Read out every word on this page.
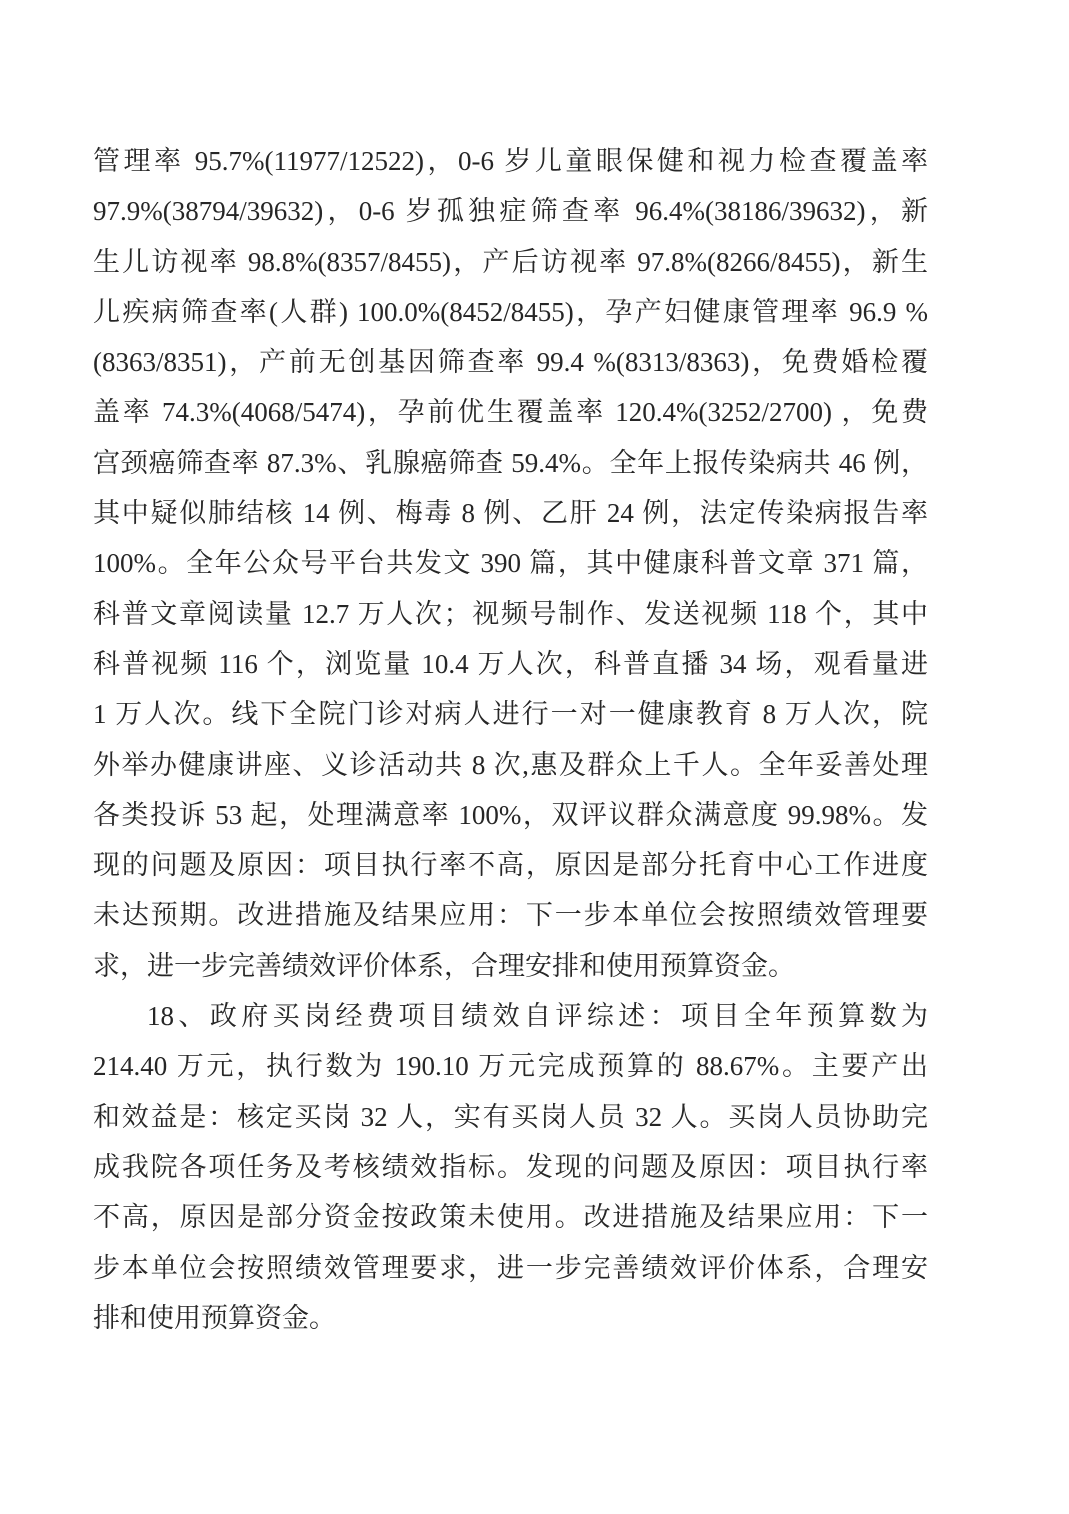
管理率 95.7%(11977/12522)，0-6 岁儿童眼保健和视力检查覆盖率
97.9%(38794/39632)，0-6 岁孤独症筛查率 96.4%(38186/39632)，新
生儿访视率 98.8%(8357/8455)，产后访视率 97.8%(8266/8455)，新生
儿疾病筛查率(人群) 100.0%(8452/8455)，孕产妇健康管理率 96.9 %
(8363/8351)，产前无创基因筛查率 99.4 %(8313/8363)，免费婚检覆
盖率 74.3%(4068/5474)，孕前优生覆盖率 120.4%(3252/2700) ，免费
宫颈癌筛查率 87.3%、乳腺癌筛查 59.4%。全年上报传染病共 46 例，
其中疑似肺结核 14 例、梅毒 8 例、乙肝 24 例，法定传染病报告率
100%。全年公众号平台共发文 390 篇，其中健康科普文章 371 篇，
科普文章阅读量 12.7 万人次；视频号制作、发送视频 118 个，其中
科普视频 116 个，浏览量 10.4 万人次，科普直播 34 场，观看量进
1 万人次。线下全院门诊对病人进行一对一健康教育 8 万人次，院
外举办健康讲座、义诊活动共 8 次,惠及群众上千人。全年妥善处理
各类投诉 53 起，处理满意率 100%，双评议群众满意度 99.98%。发
现的问题及原因：项目执行率不高，原因是部分托育中心工作进度
未达预期。改进措施及结果应用：下一步本单位会按照绩效管理要
求，进一步完善绩效评价体系，合理安排和使用预算资金。
18、政府买岗经费项目绩效自评综述：项目全年预算数为
214.40 万元，执行数为 190.10 万元完成预算的 88.67%。主要产出
和效益是：核定买岗 32 人，实有买岗人员 32 人。买岗人员协助完
成我院各项任务及考核绩效指标。发现的问题及原因：项目执行率
不高，原因是部分资金按政策未使用。改进措施及结果应用：下一
步本单位会按照绩效管理要求，进一步完善绩效评价体系，合理安
排和使用预算资金。
